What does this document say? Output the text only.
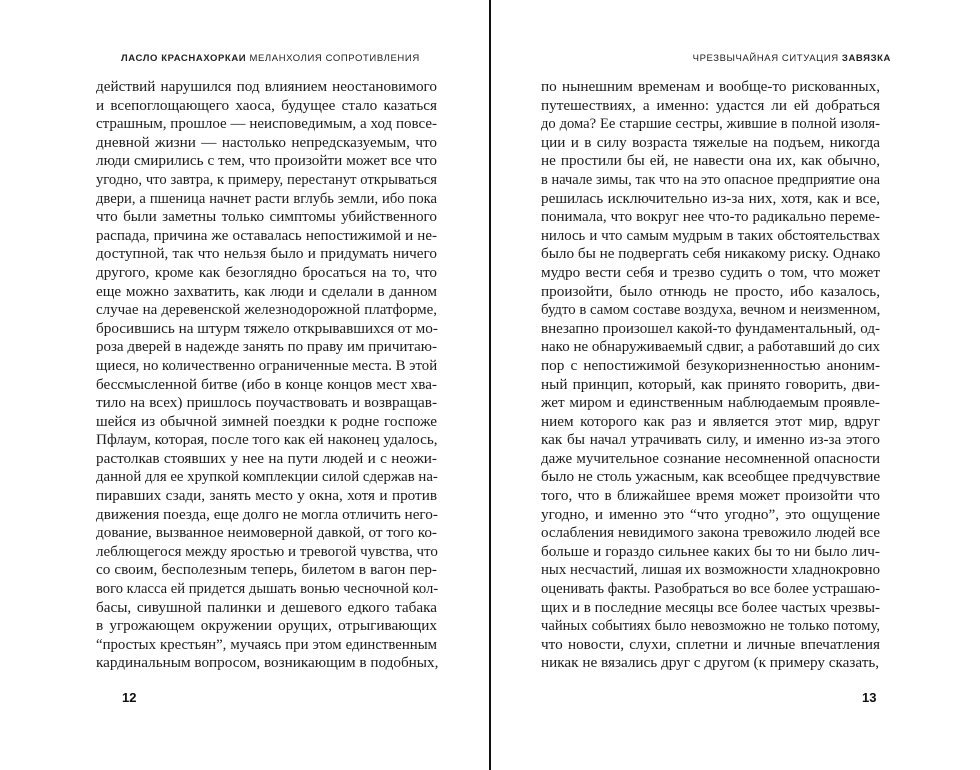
ЛАСЛО КРАСНАХОРКАИ МЕЛАНХОЛИЯ СОПРОТИВЛЕНИЯ
действий нарушился под влиянием неостановимого
и всепоглощающего хаоса, будущее стало казаться
страшным, прошлое — неисповедимым, а ход повсе-
дневной жизни — настолько непредсказуемым, что
люди смирились с тем, что произойти может все что
угодно, что завтра, к примеру, перестанут открываться
двери, а пшеница начнет расти вглубь земли, ибо пока
что были заметны только симптомы убийственного
распада, причина же оставалась непостижимой и не-
доступной, так что нельзя было и придумать ничего
другого, кроме как безоглядно бросаться на то, что
еще можно захватить, как люди и сделали в данном
случае на деревенской железнодорожной платформе,
бросившись на штурм тяжело открывавшихся от мо-
роза дверей в надежде занять по праву им причитаю-
щиеся, но количественно ограниченные места. В этой
бессмысленной битве (ибо в конце концов мест хва-
тило на всех) пришлось поучаствовать и возвращав-
шейся из обычной зимней поездки к родне госпоже
Пфлаум, которая, после того как ей наконец удалось,
растолкав стоявших у нее на пути людей и с неожи-
данной для ее хрупкой комплекции силой сдержав на-
пиравших сзади, занять место у окна, хотя и против
движения поезда, еще долго не могла отличить него-
дование, вызванное неимоверной давкой, от того ко-
леблющегося между яростью и тревогой чувства, что
со своим, бесполезным теперь, билетом в вагон пер-
вого класса ей придется дышать вонью чесночной кол-
басы, сивушной палинки и дешевого едкого табака
в угрожающем окружении орущих, отрыгивающих
“простых крестьян”, мучаясь при этом единственным
кардинальным вопросом, возникающим в подобных,
12
ЧРЕЗВЫЧАЙНАЯ СИТУАЦИЯ ЗАВЯЗКА
по нынешним временам и вообще-то рискованных,
путешествиях, а именно: удастся ли ей добраться
до дома? Ее старшие сестры, жившие в полной изоля-
ции и в силу возраста тяжелые на подъем, никогда
не простили бы ей, не навести она их, как обычно,
в начале зимы, так что на это опасное предприятие она
решилась исключительно из-за них, хотя, как и все,
понимала, что вокруг нее что-то радикально переме-
нилось и что самым мудрым в таких обстоятельствах
было бы не подвергать себя никакому риску. Однако
мудро вести себя и трезво судить о том, что может
произойти, было отнюдь не просто, ибо казалось,
будто в самом составе воздуха, вечном и неизменном,
внезапно произошел какой-то фундаментальный, од-
нако не обнаруживаемый сдвиг, а работавший до сих
пор с непостижимой безукоризненностью аноним-
ный принцип, который, как принято говорить, дви-
жет миром и единственным наблюдаемым проявле-
нием которого как раз и является этот мир, вдруг
как бы начал утрачивать силу, и именно из-за этого
даже мучительное сознание несомненной опасности
было не столь ужасным, как всеобщее предчувствие
того, что в ближайшее время может произойти что
угодно, и именно это “что угодно”, это ощущение
ослабления невидимого закона тревожило людей все
больше и гораздо сильнее каких бы то ни было лич-
ных несчастий, лишая их возможности хладнокровно
оценивать факты. Разобраться во все более устрашаю-
щих и в последние месяцы все более частых чрезвы-
чайных событиях было невозможно не только потому,
что новости, слухи, сплетни и личные впечатления
никак не вязались друг с другом (к примеру сказать,
13
